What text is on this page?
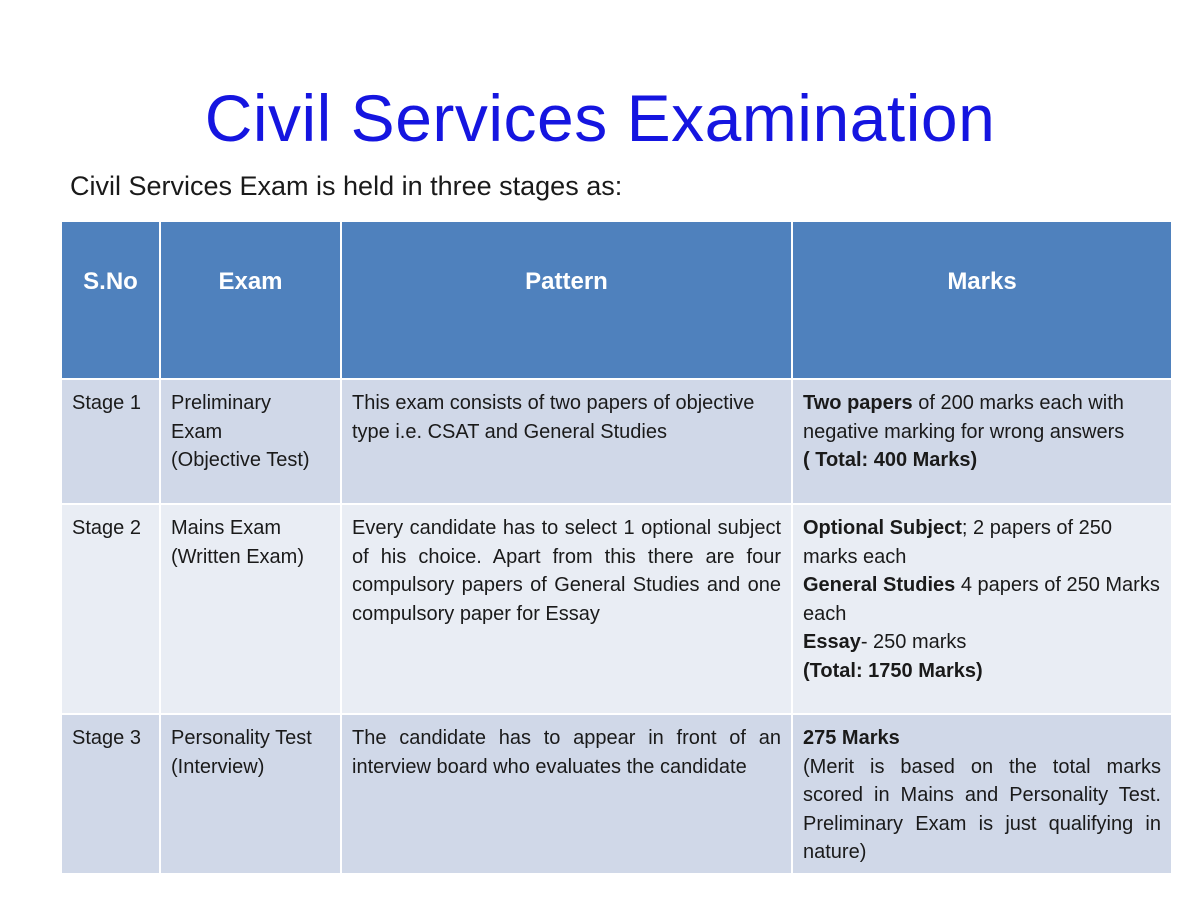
Civil Services Examination
Civil Services Exam is held in three stages as:
S.No	Exam	Pattern	Marks
Stage 1	Preliminary
Exam
(Objective Test)	This exam consists of two papers of objective type i.e. CSAT and General Studies	Two papers of 200 marks each with negative marking for wrong answers
( Total: 400 Marks)

Stage 2	Mains Exam
(Written Exam)	Every candidate has to select 1 optional subject of his choice. Apart from this there are four compulsory papers of General Studies and one compulsory paper for Essay	Optional Subject; 2 papers of 250 marks each
General Studies 4 papers of 250 Marks each
Essay- 250 marks
(Total: 1750 Marks)

Stage 3	Personality Test
(Interview)	The candidate has to appear in front of an interview board who evaluates the candidate	275 Marks
(Merit is based on the total marks scored in Mains and Personality Test. Preliminary Exam is just qualifying in nature)
